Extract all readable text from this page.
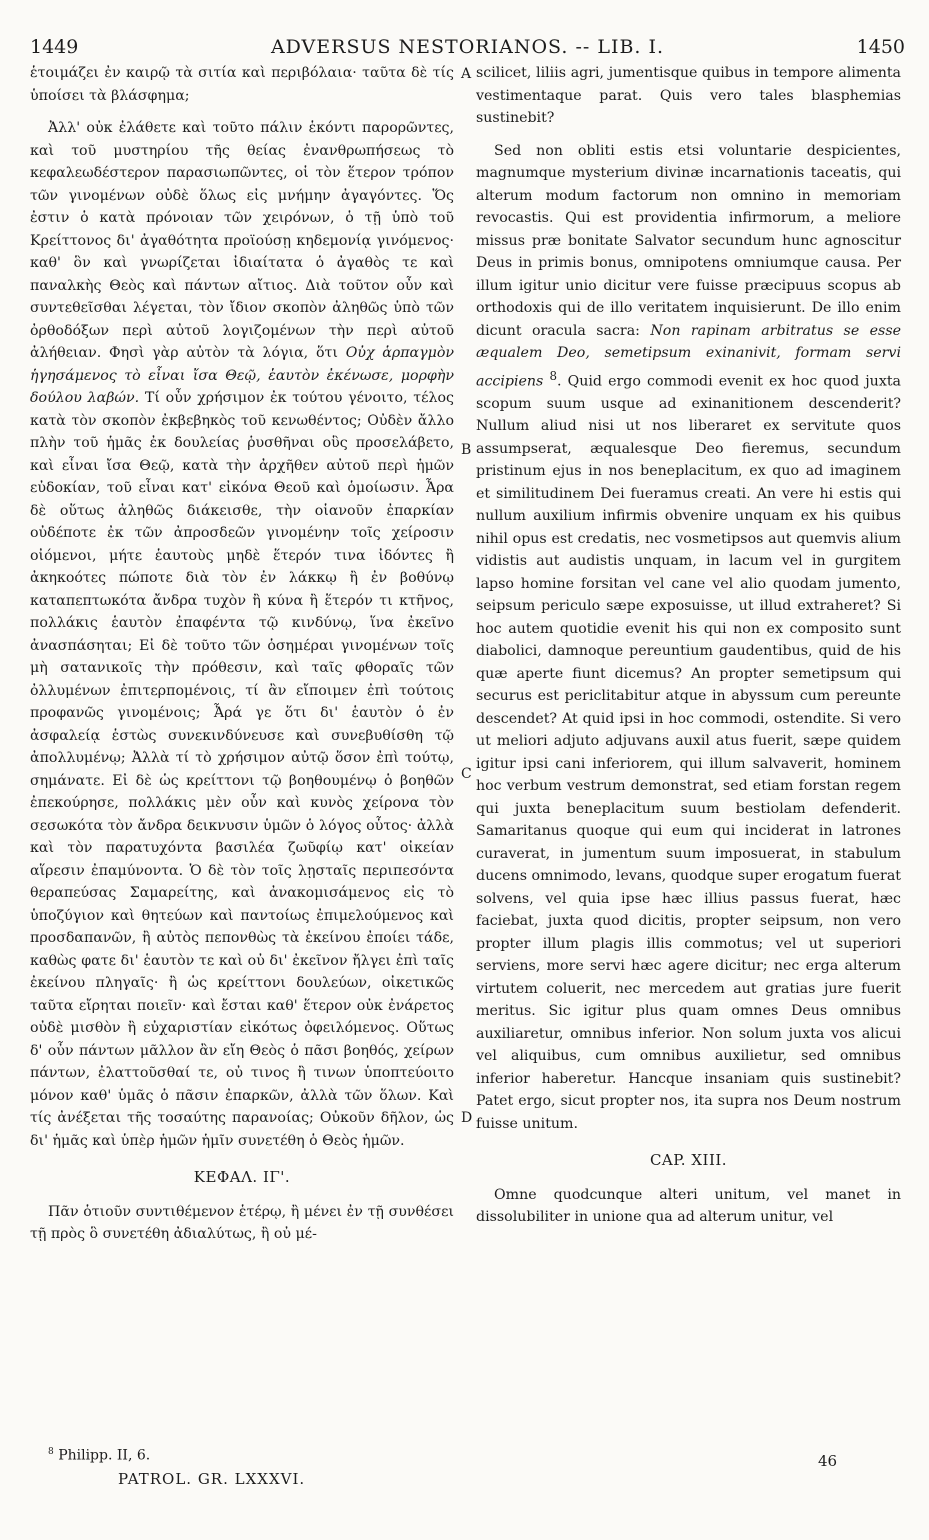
1449	ADVERSUS NESTORIANOS. -- LIB. I.	1450

ἑτοιμάζει ἐν καιρῷ τὰ σιτία καὶ περιβόλαια· ταῦτα δὲ τίς ὑποίσει τὰ βλάσφημα;

Ἀλλ' οὐκ ἐλάθετε καὶ τοῦτο πάλιν ἑκόντι παρορῶντες, καὶ τοῦ μυστηρίου τῆς θείας ἐνανθρωπήσεως τὸ κεφαλεωδέστερον παρασιωπῶντες, οἱ τὸν ἕτερον τρόπον τῶν γινομένων οὐδὲ ὅλως εἰς μνήμην ἀγαγόντες. Ὅς ἐστιν ὁ κατὰ πρόνοιαν τῶν χειρόνων, ὁ τῇ ὑπὸ τοῦ Κρείττονος δι' ἀγαθότητα προϊούσῃ κηδεμονίᾳ γινόμενος· καθ' ὃν καὶ γνωρίζεται ἰδιαίτατα ὁ ἀγαθὸς τε καὶ παναλκὴς Θεὸς καὶ πάντων αἴτιος. Διὰ τοῦτον οὖν καὶ συντεθεῖσθαι λέγεται, τὸν ἴδιον σκοπὸν ἀληθῶς ὑπὸ τῶν ὀρθοδόξων περὶ αὐτοῦ λογιζομένων τὴν περὶ αὐτοῦ ἀλήθειαν. Φησὶ γὰρ αὐτὸν τὰ λόγια, ὅτι Οὐχ ἁρπαγμὸν ἡγησάμενος τὸ εἶναι ἴσα Θεῷ, ἑαυτὸν ἐκένωσε, μορφὴν δούλου λαβών. Τί οὖν χρήσιμον ἐκ τούτου γένοιτο, τέλος κατὰ τὸν σκοπὸν ἐκβεβηκὸς τοῦ κενωθέντος; Οὐδὲν ἄλλο πλὴν τοῦ ἡμᾶς ἐκ δουλείας ῥυσθῆναι οὓς προσελάβετο, καὶ εἶναι ἴσα Θεῷ, κατὰ τὴν ἀρχῆθεν αὐτοῦ περὶ ἡμῶν εὐδοκίαν, τοῦ εἶναι κατ' εἰκόνα Θεοῦ καὶ ὁμοίωσιν. Ἆρα δὲ οὕτως ἀληθῶς διάκεισθε, τὴν οἱανοῦν ἐπαρκίαν οὐδέποτε ἐκ τῶν ἀπροσδεῶν γινομένην τοῖς χείροσιν οἰόμενοι, μήτε ἑαυτοὺς μηδὲ ἕτερόν τινα ἰδόντες ἢ ἀκηκοότες πώποτε διὰ τὸν ἐν λάκκῳ ἢ ἐν βοθύνῳ καταπεπτωκότα ἄνδρα τυχὸν ἢ κύνα ἢ ἕτερόν τι κτῆνος, πολλάκις ἑαυτὸν ἐπαφέντα τῷ κινδύνῳ, ἵνα ἐκεῖνο ἀνασπάσηται; Εἰ δὲ τοῦτο τῶν ὁσημέραι γινομένων τοῖς μὴ σατανικοῖς τὴν πρόθεσιν, καὶ ταῖς φθοραῖς τῶν ὀλλυμένων ἐπιτερπομένοις, τί ἂν εἴποιμεν ἐπὶ τούτοις προφανῶς γινομένοις; Ἆρά γε ὅτι δι' ἑαυτὸν ὁ ἐν ἀσφαλείᾳ ἑστὼς συνεκινδύνευσε καὶ συνεβυθίσθη τῷ ἀπολλυμένῳ; Ἀλλὰ τί τὸ χρήσιμον αὐτῷ ὅσον ἐπὶ τούτῳ, σημάνατε. Εἰ δὲ ὡς κρείττονι τῷ βοηθουμένῳ ὁ βοηθῶν ἐπεκούρησε, πολλάκις μὲν οὖν καὶ κυνὸς χείρονα τὸν σεσωκότα τὸν ἄνδρα δεικνυσιν ὑμῶν ὁ λόγος οὗτος· ἀλλὰ καὶ τὸν παρατυχόντα βασιλέα ζωῦφίῳ κατ' οἰκείαν αἵρεσιν ἐπαμύνοντα. Ὁ δὲ τὸν τοῖς λῃσταῖς περιπεσόντα θεραπεύσας Σαμαρείτης, καὶ ἀνακομισάμενος εἰς τὸ ὑποζύγιον καὶ θητεύων καὶ παντοίως ἐπιμελούμενος καὶ προσδαπανῶν, ἢ αὐτὸς πεπονθὼς τὰ ἐκείνου ἐποίει τάδε, καθὼς φατε δι' ἑαυτὸν τε καὶ οὐ δι' ἐκεῖνον ἤλγει ἐπὶ ταῖς ἐκείνου πληγαῖς· ἢ ὡς κρείττονι δουλεύων, οἰκετικῶς ταῦτα εἴρηται ποιεῖν· καὶ ἔσται καθ' ἕτερον οὐκ ἐνάρετος οὐδὲ μισθὸν ἢ εὐχαριστίαν εἰκότως ὀφειλόμενος. Οὕτως δ' οὖν πάντων μᾶλλον ἂν εἴη Θεὸς ὁ πᾶσι βοηθός, χείρων πάντων, ἐλαττοῦσθαί τε, οὐ τινος ἢ τινων ὑποπτεύοιτο μόνον καθ' ὑμᾶς ὁ πᾶσιν ἐπαρκῶν, ἀλλὰ τῶν ὅλων. Καὶ τίς ἀνέξεται τῆς τοσαύτης παρανοίας; Οὐκοῦν δῆλον, ὡς δι' ἡμᾶς καὶ ὑπὲρ ἡμῶν ἡμῖν συνετέθη ὁ Θεὸς ἡμῶν.

ΚΕΦΑΛ. ΙΓ'.

Πᾶν ὁτιοῦν συντιθέμενον ἑτέρῳ, ἢ μένει ἐν τῇ συνθέσει τῇ πρὸς ὃ συνετέθη ἀδιαλύτως, ἢ οὐ μέ-

scilicet, liliis agri, jumentisque quibus in tempore alimenta vestimentaque parat. Quis vero tales blasphemias sustinebit?

Sed non obliti estis etsi voluntarie despicientes, magnumque mysterium divinæ incarnationis taceatis, qui alterum modum factorum non omnino in memoriam revocastis. Qui est providentia infirmorum, a meliore missus præ bonitate Salvator secundum hunc agnoscitur Deus in primis bonus, omnipotens omniumque causa. Per illum igitur unio dicitur vere fuisse præcipuus scopus ab orthodoxis qui de illo veritatem inquisierunt. De illo enim dicunt oracula sacra: Non rapinam arbitratus se esse æqualem Deo, semetipsum exinanivit, formam servi accipiens $^8$. Quid ergo commodi evenit ex hoc quod juxta scopum suum usque ad exinanitionem descenderit? Nullum aliud nisi ut nos liberaret ex servitute quos assumpserat, æqualesque Deo fieremus, secundum pristinum ejus in nos beneplacitum, ex quo ad imaginem et similitudinem Dei fueramus creati. An vere hi estis qui nullum auxilium infirmis obvenire unquam ex his quibus nihil opus est credatis, nec vosmetipsos aut quemvis alium vidistis aut audistis unquam, in lacum vel in gurgitem lapso homine forsitan vel cane vel alio quodam jumento, seipsum periculo sæpe exposuisse, ut illud extraheret? Si hoc autem quotidie evenit his qui non ex composito sunt diabolici, damnoque pereuntium gaudentibus, quid de his quæ aperte fiunt dicemus? An propter semetipsum qui securus est periclitabitur atque in abyssum cum pereunte descendet? At quid ipsi in hoc commodi, ostendite. Si vero ut meliori adjuto adjuvans auxil atus fuerit, sæpe quidem igitur ipsi cani inferiorem, qui illum salvaverit, hominem hoc verbum vestrum demonstrat, sed etiam forstan regem qui juxta beneplacitum suum bestiolam defenderit. Samaritanus quoque qui eum qui inciderat in latrones curaverat, in jumentum suum imposuerat, in stabulum ducens omnimodo, levans, quodque super erogatum fuerat solvens, vel quia ipse hæc illius passus fuerat, hæc faciebat, juxta quod dicitis, propter seipsum, non vero propter illum plagis illis commotus; vel ut superiori serviens, more servi hæc agere dicitur; nec erga alterum virtutem coluerit, nec mercedem aut gratias jure fuerit meritus. Sic igitur plus quam omnes Deus omnibus auxiliaretur, omnibus inferior. Non solum juxta vos alicui vel aliquibus, cum omnibus auxilietur, sed omnibus inferior haberetur. Hancque insaniam quis sustinebit? Patet ergo, sicut propter nos, ita supra nos Deum nostrum fuisse unitum.

CAP. XIII.

Omne quodcunque alteri unitum, vel manet in dissolubiliter in unione qua ad alterum unitur, vel

A
B
C
D
$^8$ Philipp. II, 6.
PATROL. GR. LXXXVI.
46
